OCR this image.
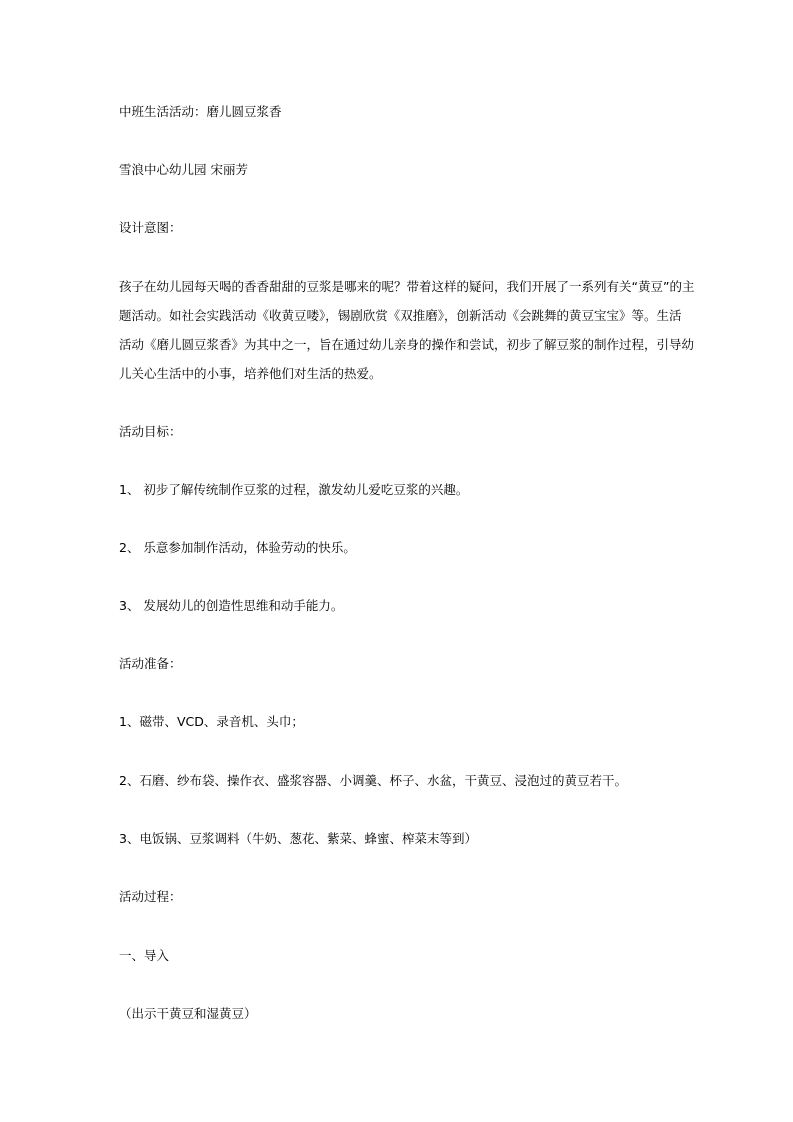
中班生活活动：磨儿圆豆浆香

雪浪中心幼儿园 宋丽芳

设计意图：

孩子在幼儿园每天喝的香香甜甜的豆浆是哪来的呢？带着这样的疑问，我们开展了一系列有关“黄豆”的主
题活动。如社会实践活动《收黄豆喽》，锡剧欣赏《双推磨》，创新活动《会跳舞的黄豆宝宝》等。生活
活动《磨儿圆豆浆香》为其中之一，旨在通过幼儿亲身的操作和尝试，初步了解豆浆的制作过程，引导幼
儿关心生活中的小事，培养他们对生活的热爱。

活动目标：

1、 初步了解传统制作豆浆的过程，激发幼儿爱吃豆浆的兴趣。

2、 乐意参加制作活动，体验劳动的快乐。

3、 发展幼儿的创造性思维和动手能力。

活动准备：

1、磁带、VCD、录音机、头巾；

2、石磨、纱布袋、操作衣、盛浆容器、小调羹、杯子、水盆，干黄豆、浸泡过的黄豆若干。

3、电饭锅、豆浆调料（牛奶、葱花、紫菜、蜂蜜、榨菜末等到）

活动过程：

一、导入

（出示干黄豆和湿黄豆）
